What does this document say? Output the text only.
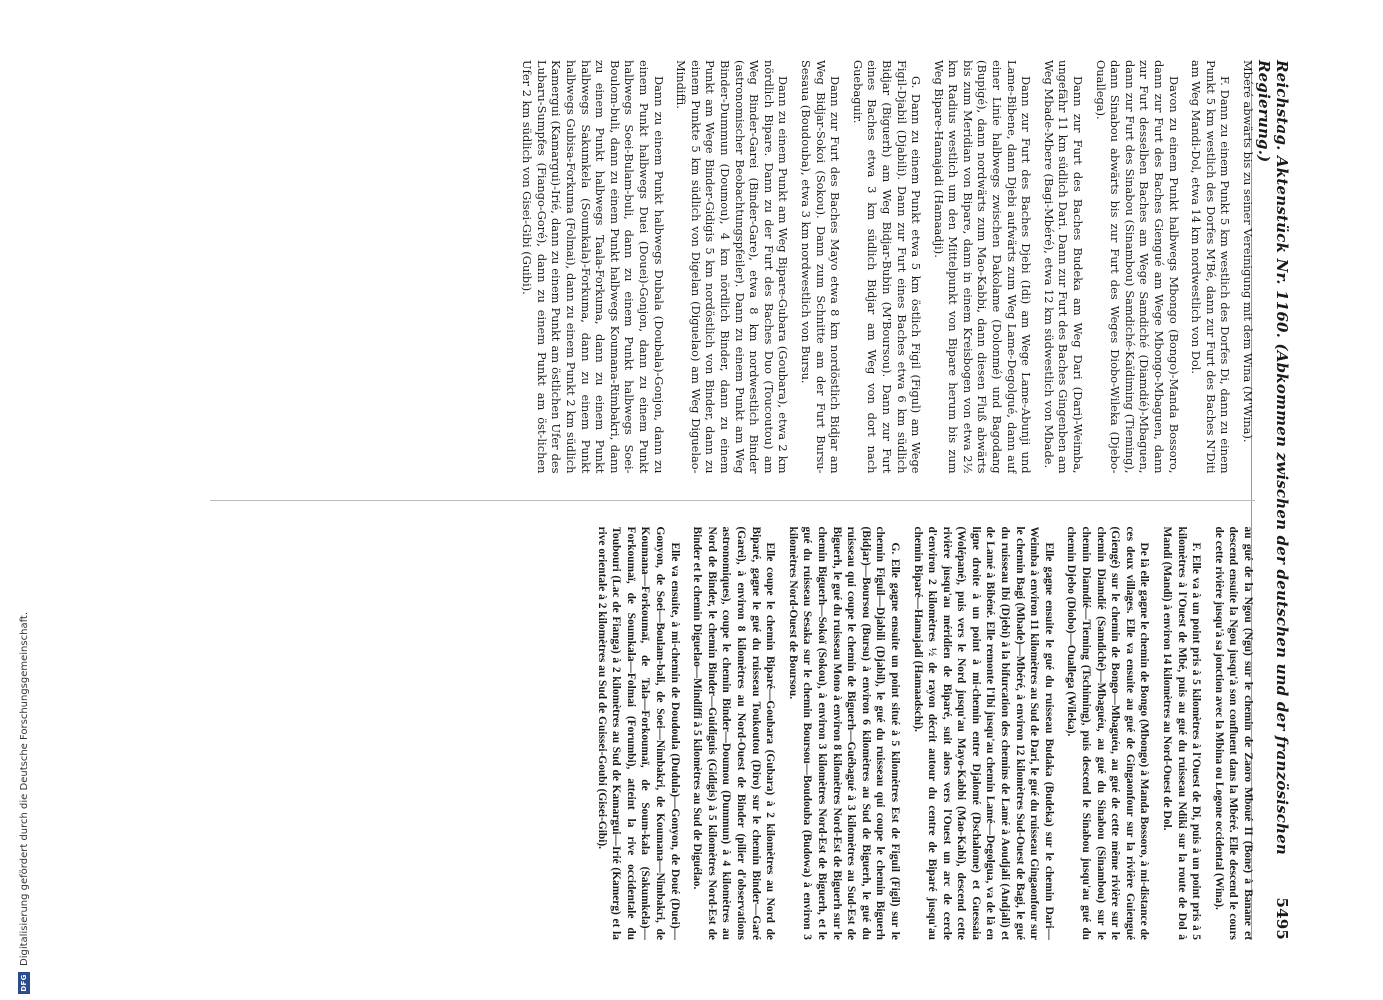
Reichstag. Aktenstück Nr. 1160. (Abkommen zwischen der deutschen und der französischen Regierung.)
5495

Mbéré abwärts bis zu seiner Vereinigung mit dem Wina (M'Wina).

F. Dann zu einem Punkt 5 km westlich des Dorfes Di, dann zu einem Punkt 5 km westlich des Dorfes M'Bé, dann zur Furt des Baches N'Diti am Weg Mandi-Dol, etwa 14 km nordwestlich von Dol.

Davon zu einem Punkt halbwegs Mbongo (Bongo)-Manda Bossoro, dann zur Furt des Baches Giengué am Wege Mbongo-Mbaguen, dann zur Furt desselben Baches am Wege Samdiché (Diamdié)-Mbaguen, dann zur Furt des Sinabou (Sinambou) Samdiché-Kaïdiming (Tieming), dann Sinabou abwärts bis zur Furt des Weges Diobo-Wileka (Djebo-Ouallega).

Dann zur Furt des Baches Budeka am Weg Dari (Dari)-Weimba, ungefähr 11 km südlich Dari. Dann zur Furt des Baches Gingenben am Weg Mbade-Mbere (Bagi-Mbéré), etwa 12 km südwestlich von Mbade.

Dann zur Furt des Baches Djebi (Idi) am Wege Lame-Abunji und Lame-Bibene, dann Djebi aufwärts zum Weg Lame-Degolgué, dann auf einer Linie halbwegs zwischen Dakolame (Dolonmé) und Bagodang (Bupigé), dann nordwärts zum Mao-Kabbi, dann diesen Fluß abwärts bis zum Meridian von Bipare, dann in einem Kreisbogen von etwa 2½ km Radius westlich um den Mittelpunkt von Bipare herum bis zum Weg Bipare-Hamajadi (Hamaadji).

G. Dann zu einem Punkt etwa 5 km östlich Figil (Figul) am Wege Figil-Djabil (Djabili). Dann zur Furt eines Baches etwa 6 km südlich Bidjar (Biguerh) am Weg Bidjar-Bubin (M'Boursou). Dann zur Furt eines Baches etwa 3 km südlich Bidjar am Weg von dort nach Guebaguir.

Dann zur Furt des Baches Mayo etwa 8 km nordöstlich Bidjar am Weg Bidjar-Sokoi (Sokou). Dann zum Schnitte am der Furt Bursu-Sesaua (Boudouba), etwa 3 km nordwestlich von Bursu.

Dann zu einem Punkt am Weg Bipare-Gubara (Goubara), etwa 2 km nördlich Bipare. Dann zu der Furt des Baches Duo (Toucoutou) am Weg Binder-Garei (Binder-Gare), etwa 8 km nordwestlich Binder (astronomischer Beobachtungspfeiler). Dann zu einem Punkt am Weg Binder-Dummun (Doumou), 4 km nördlich Binder, dann zu einem Punkt am Wege Binder-Gidigis 5 km nordöstlich von Binder, dann zu einem Punkte 5 km südlich von Digelan (Diguelao) am Weg Diguelao-Mindiffi.

Dann zu einem Punkt halbwegs Dubala (Doubala)-Gonjon, dann zu einem Punkt halbwegs Duei (Douei)-Gonjon, dann zu einem Punkt halbwegs Soei-Bulam-buli, dann zu einem Punkt halbwegs Soei-Boulom-buli, dann zu einem Punkt halbwegs Koumana-Rimbakri, dann zu einem Punkt halbwegs Taala-Forkuma, dann zu einem Punkt halbwegs Sakumkela (Soumkala)-Forkuma, dann zu einem Punkt halbwegs Gubisa-Forkuma (Folmai), dann zu einem Punkt 2 km südlich Kamergui (Kamargui)-Irié, dann zu einem Punkt am östlichen Ufer des Lubaru-Sumpfes (Fiango-Goré), dann zu einem Punkt am öst-lichen Ufer 2 km südlich von Gisei-Gibi (Guibi).

au gué de la Ngou (Ngu) sur le chemin de Zaoro Mboué II (Bone) à Banane et descend ensuite la Ngou jusqu'à son confluent dans la Mbéré. Elle descend le cours de cette rivière jusqu'à sa jonction avec la Mbina ou Logone occidental (Wina).

F. Elle va à un point pris à 5 kilomètres à l'Ouest de Di, puis à un point pris à 5 kilomètres à l'Ouest de Mbé, puis au gué du ruisseau Ndiki sur la route de Dol à Mandi (Mandi) à environ 14 kilomètres au Nord-Ouest de Dol.

De là elle gagne le chemin de Bongo (Mbongo) à Manda Bossoro, à mi-distance de ces deux villages. Elle va ensuite au gué de Gingaonfour sur la rivière Guiengué (Giengé) sur le chemin de Bongo—Mbaguéu, au gué de cette même rivière sur le chemin Diamdié (Samdiché)—Mbaguéu, au gué du Sinabou (Sinambou) sur le chemin Diamdié—Tieming (Tschiming), puis descend le Sinabou jusqu'au gué du chemin Djebo (Diobo)—Ouallega (Wileka).

Elle gagne ensuite le gué du ruisseau Budaka (Budeka) sur le chemin Dari—Weimba à environ 11 kilomètres au Sud de Dari, le gué du ruisseau Gingaonfour sur le chemin Bagi (Mbade)—Mbéré, à environ 12 kilomètres Sud-Ouest de Bagi, le gué du ruisseau Ibi (Djebi) à la bifurcation des chemins de Lamé à Aoudjali (Andjali) et de Lamé à Bibéné. Elle remonte l'Ibi jusqu'au chemin Lamé—Degolgua, va de là en ligne droite à un point à mi-chemin entre Djalomé (Dschalome) et Guessaia (Wolépané), puis vers le Nord jusqu'au Mayo-Kabbi (Mao-Kabi), descend cette rivière jusqu'au méridien de Biparé, suit alors vers l'Ouest un arc de cercle d'environ 2 kilomètres ½ de rayon décrit autour du centre de Biparé jusqu'au chemin Biparé—Hamajadi (Hamaadschi).

G. Elle gagne ensuite un point situé à 5 kilomètres Est de Figuil (Figil) sur le chemin Figuil—Djabili (Djabil), le gué du ruisseau qui coupe le chemin Biguerh (Bidjar)—Boursou (Bursu) à environ 6 kilomètres au Sud de Biguerh, le gué du ruisseau qui coupe le chemin de Biguerh—Guébagué à 3 kilomètres au Sud-Est de Biguerh, le gué du ruisseau Mono à environ 8 kilomètres Nord-Est de Biguerh sur le chemin Biguerh—Sokoï (Sokou), à environ 3 kilomètres Nord-Est de Biguerh, et le gué du ruisseau Sesaka sur le chemin Boursou—Boudouba (Budowa) à environ 3 kilomètres Nord-Ouest de Boursou.

Elle coupe le chemin Biparé—Goubara (Gubara) à 2 kilomètres au Nord de Biparé, gagne le gué du ruisseau Toukoutou (Diro) sur le chemin Binder—Garé (Garei), à environ 8 kilomètres au Nord-Ouest de Binder (pilier d'observations astronomiques), coupe le chemin Binder—Doumou (Dummun) à 4 kilomètres au Nord de Binder, le chemin Binder—Guidiguis (Gidigis) à 5 kilomètres Nord-Est de Binder et le chemin Diguelao—Mindiffi à 5 kilomètres au Sud de Diguélao.

Elle va ensuite, à mi-chemin de Doudoula (Dudula)—Gonyon, de Doué (Duei)—Gonyon, de Soei—Boulam-bali, de Soei—Nimbakri, de Koumana—Nimbakri, de Koumana—Forkoumaï, de Tala—Forkoumaï, de Soum-kala (Sakumkela)—Forkoumaï, de Soumkala—Folmai (Forumbi), atteint la rive occidentale du Toubouri (Lac de Fianga) à 2 kilomètres au Sud de Kamargui—Irié (Kamerg) et la rive orientale à 2 kilomètres au Sud de Guissei-Goubi (Gisei-Gibi).

DFG
Digitalisierung gefördert durch die Deutsche Forschungsgemeinschaft.
